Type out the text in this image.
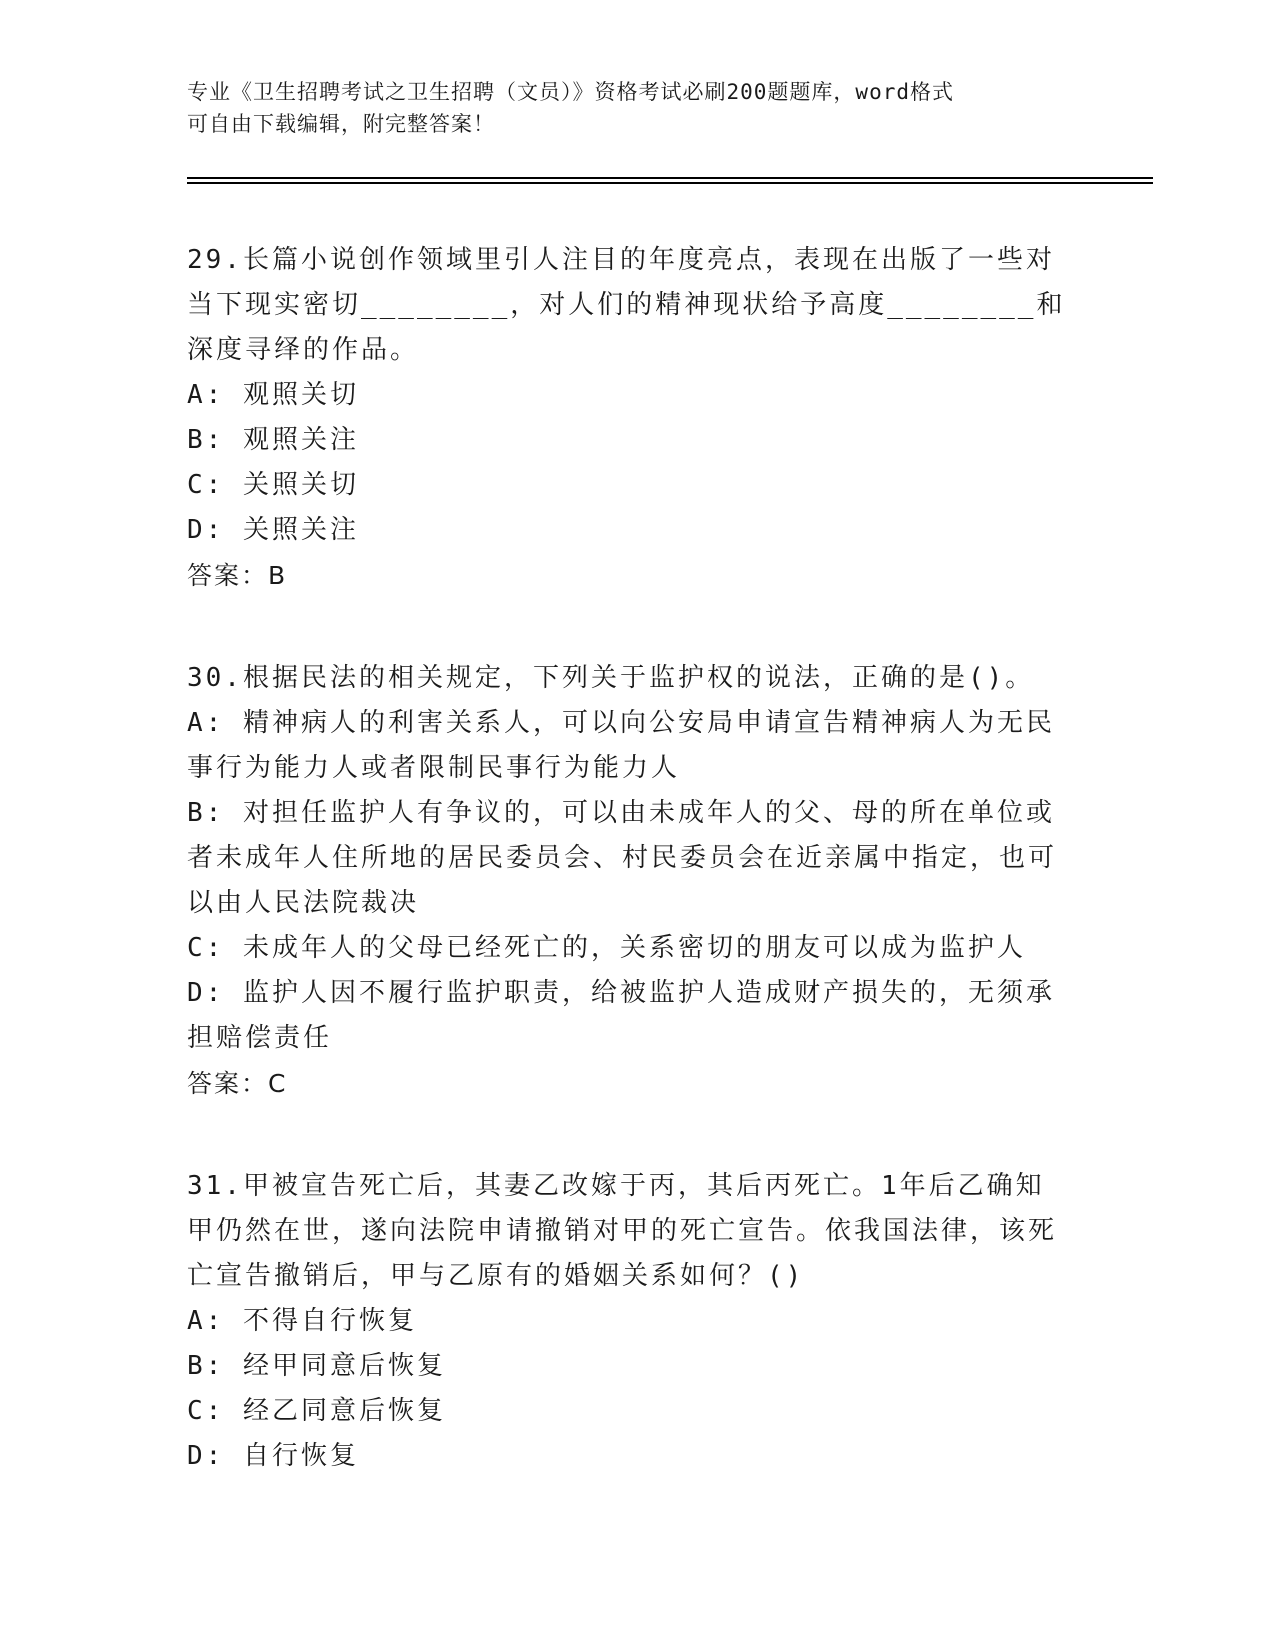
专业《卫生招聘考试之卫生招聘（文员）》资格考试必刷200题题库，word格式
可自由下载编辑，附完整答案！

29.长篇小说创作领域里引人注目的年度亮点，表现在出版了一些对当下现实密切________，对人们的精神现状给予高度________和深度寻绎的作品。

A: 观照关切

B: 观照关注

C: 关照关切

D: 关照关注

答案：B

30.根据民法的相关规定，下列关于监护权的说法，正确的是()。

A: 精神病人的利害关系人，可以向公安局申请宣告精神病人为无民事行为能力人或者限制民事行为能力人

B: 对担任监护人有争议的，可以由未成年人的父、母的所在单位或者未成年人住所地的居民委员会、村民委员会在近亲属中指定，也可以由人民法院裁决

C: 未成年人的父母已经死亡的，关系密切的朋友可以成为监护人

D: 监护人因不履行监护职责，给被监护人造成财产损失的，无须承担赔偿责任

答案：C

31.甲被宣告死亡后，其妻乙改嫁于丙，其后丙死亡。1年后乙确知甲仍然在世，遂向法院申请撤销对甲的死亡宣告。依我国法律，该死亡宣告撤销后，甲与乙原有的婚姻关系如何？()

A: 不得自行恢复

B: 经甲同意后恢复

C: 经乙同意后恢复

D: 自行恢复
